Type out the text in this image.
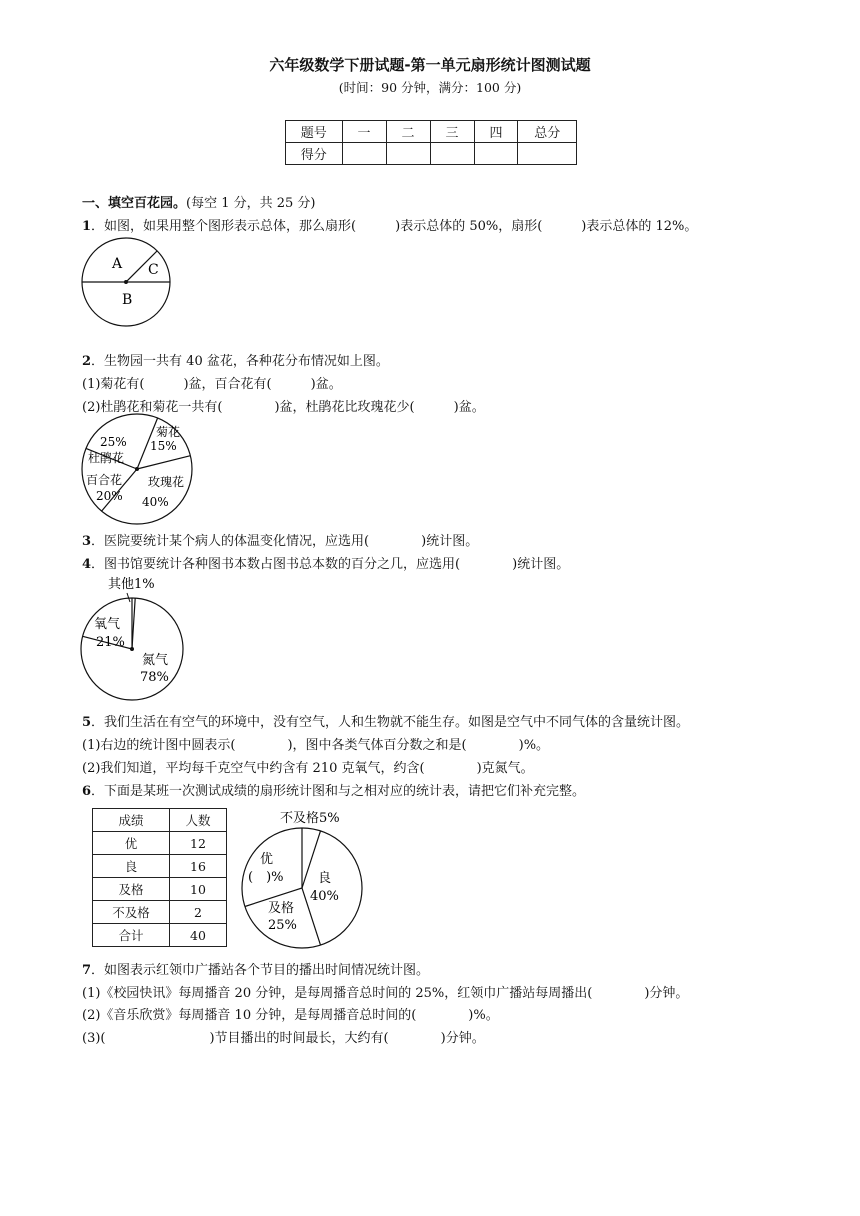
六年级数学下册试题-第一单元扇形统计图测试题
(时间：90 分钟，满分：100 分)
题号	一	二	三	四	总分
得分					
一、填空百花园。(每空 1 分，共 25 分)
1．如图，如果用整个图形表示总体，那么扇形(　　　)表示总体的 50%，扇形(　　　)表示总体的 12%。
A C
B
2．生物园一共有 40 盆花，各种花分布情况如上图。
(1)菊花有(　　　)盆，百合花有(　　　)盆。
(2)杜鹃花和菊花一共有(　　　　)盆，杜鹃花比玫瑰花少(　　　)盆。
菊花
15%
玫瑰花
40%
百合花
20%
25%
杜鹃花
3．医院要统计某个病人的体温变化情况，应选用(　　　　)统计图。
4．图书馆要统计各种图书本数占图书总本数的百分之几，应选用(　　　　)统计图。
其他1%
氧气
21%
氮气
78%
5．我们生活在有空气的环境中，没有空气，人和生物就不能生存。如图是空气中不同气体的含量统计图。
(1)右边的统计图中圆表示(　　　　)，图中各类气体百分数之和是(　　　　)%。
(2)我们知道，平均每千克空气中约含有 210 克氧气，约含(　　　　)克氮气。
6．下面是某班一次测试成绩的扇形统计图和与之相对应的统计表，请把它们补充完整。
成绩	人数
优	12
良	16
及格	10
不及格	2
合计	40
不及格5%
优
(　)%	良
40%
及格
25%
7．如图表示红领巾广播站各个节目的播出时间情况统计图。
(1)《校园快讯》每周播音 20 分钟，是每周播音总时间的 25%，红领巾广播站每周播出(　　　　)分钟。
(2)《音乐欣赏》每周播音 10 分钟，是每周播音总时间的(　　　　)%。
(3)(　　　　　　　　)节目播出的时间最长，大约有(　　　　)分钟。
